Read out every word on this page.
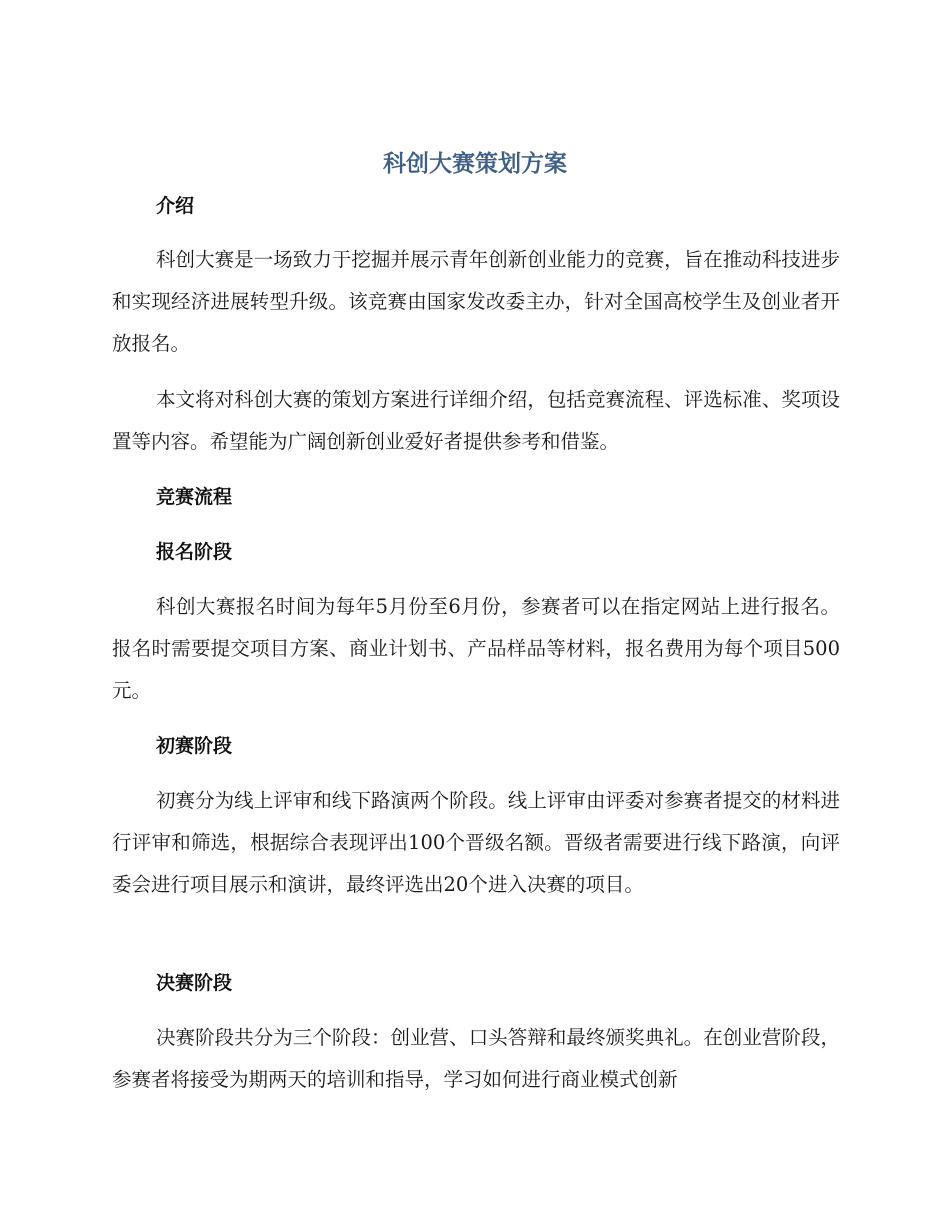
科创大赛策划方案
介绍

科创大赛是一场致力于挖掘并展示青年创新创业能力的竞赛，旨在推动科技进步和实现经济进展转型升级。该竞赛由国家发改委主办，针对全国高校学生及创业者开放报名。

本文将对科创大赛的策划方案进行详细介绍，包括竞赛流程、评选标准、奖项设置等内容。希望能为广阔创新创业爱好者提供参考和借鉴。

竞赛流程
报名阶段

科创大赛报名时间为每年5月份至6月份，参赛者可以在指定网站上进行报名。报名时需要提交项目方案、商业计划书、产品样品等材料，报名费用为每个项目500元。

初赛阶段

初赛分为线上评审和线下路演两个阶段。线上评审由评委对参赛者提交的材料进行评审和筛选，根据综合表现评出100个晋级名额。晋级者需要进行线下路演，向评委会进行项目展示和演讲，最终评选出20个进入决赛的项目。

决赛阶段

决赛阶段共分为三个阶段：创业营、口头答辩和最终颁奖典礼。在创业营阶段，参赛者将接受为期两天的培训和指导，学习如何进行商业模式创新
